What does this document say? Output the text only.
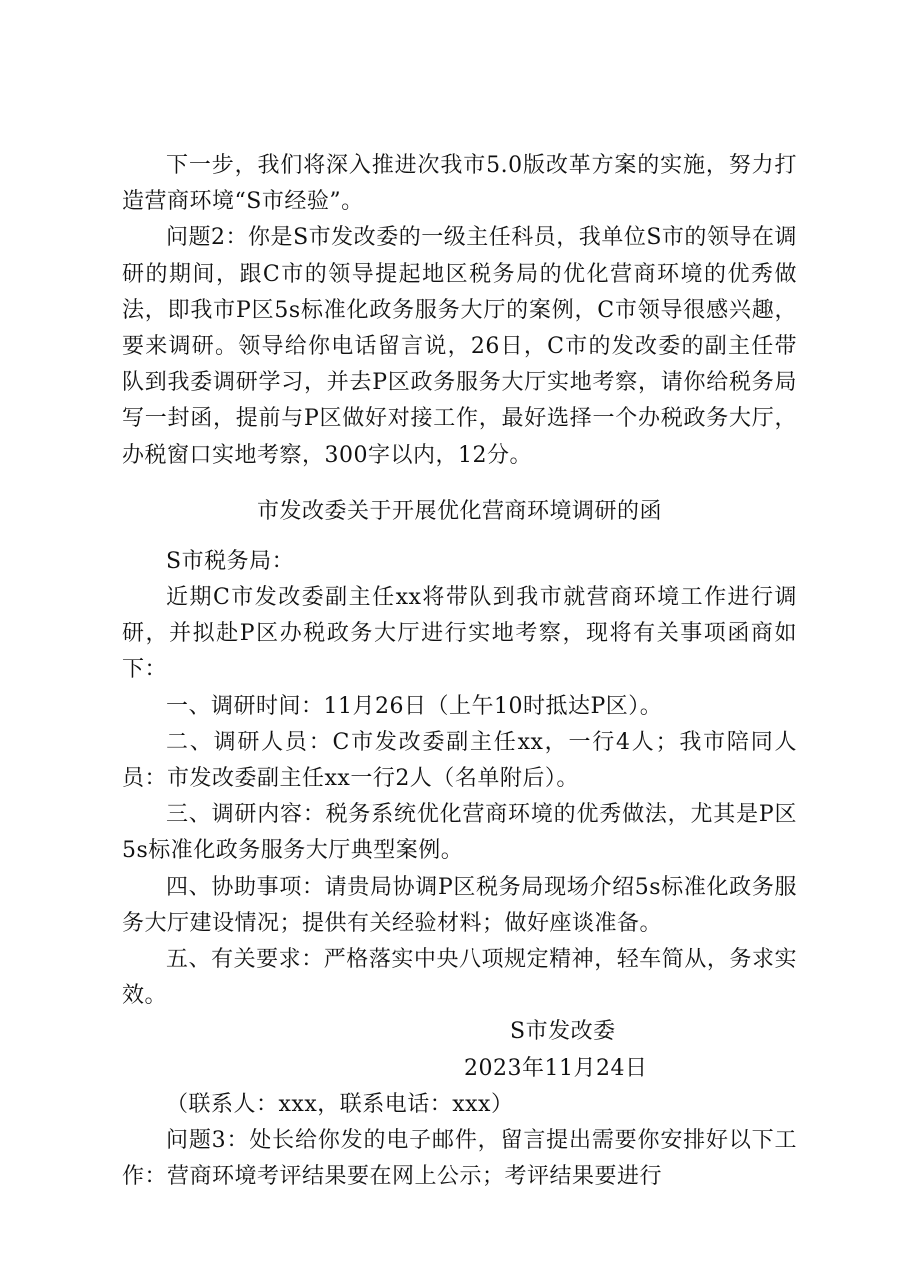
下一步，我们将深入推进次我市5.0版改革方案的实施，努力打造营商环境“S市经验”。

问题2：你是S市发改委的一级主任科员，我单位S市的领导在调研的期间，跟C市的领导提起地区税务局的优化营商环境的优秀做法，即我市P区5s标准化政务服务大厅的案例，C市领导很感兴趣，要来调研。领导给你电话留言说，26日，C市的发改委的副主任带队到我委调研学习，并去P区政务服务大厅实地考察，请你给税务局写一封函，提前与P区做好对接工作，最好选择一个办税政务大厅，办税窗口实地考察，300字以内，12分。

市发改委关于开展优化营商环境调研的函

S市税务局：

近期C市发改委副主任xx将带队到我市就营商环境工作进行调研，并拟赴P区办税政务大厅进行实地考察，现将有关事项函商如下：

一、调研时间：11月26日（上午10时抵达P区）。

二、调研人员：C市发改委副主任xx，一行4人；我市陪同人员：市发改委副主任xx一行2人（名单附后）。

三、调研内容：税务系统优化营商环境的优秀做法，尤其是P区5s标准化政务服务大厅典型案例。

四、协助事项：请贵局协调P区税务局现场介绍5s标准化政务服务大厅建设情况；提供有关经验材料；做好座谈准备。

五、有关要求：严格落实中央八项规定精神，轻车简从，务求实效。

S市发改委

2023年11月24日

（联系人：xxx，联系电话：xxx）

问题3：处长给你发的电子邮件，留言提出需要你安排好以下工作：营商环境考评结果要在网上公示；考评结果要进行
